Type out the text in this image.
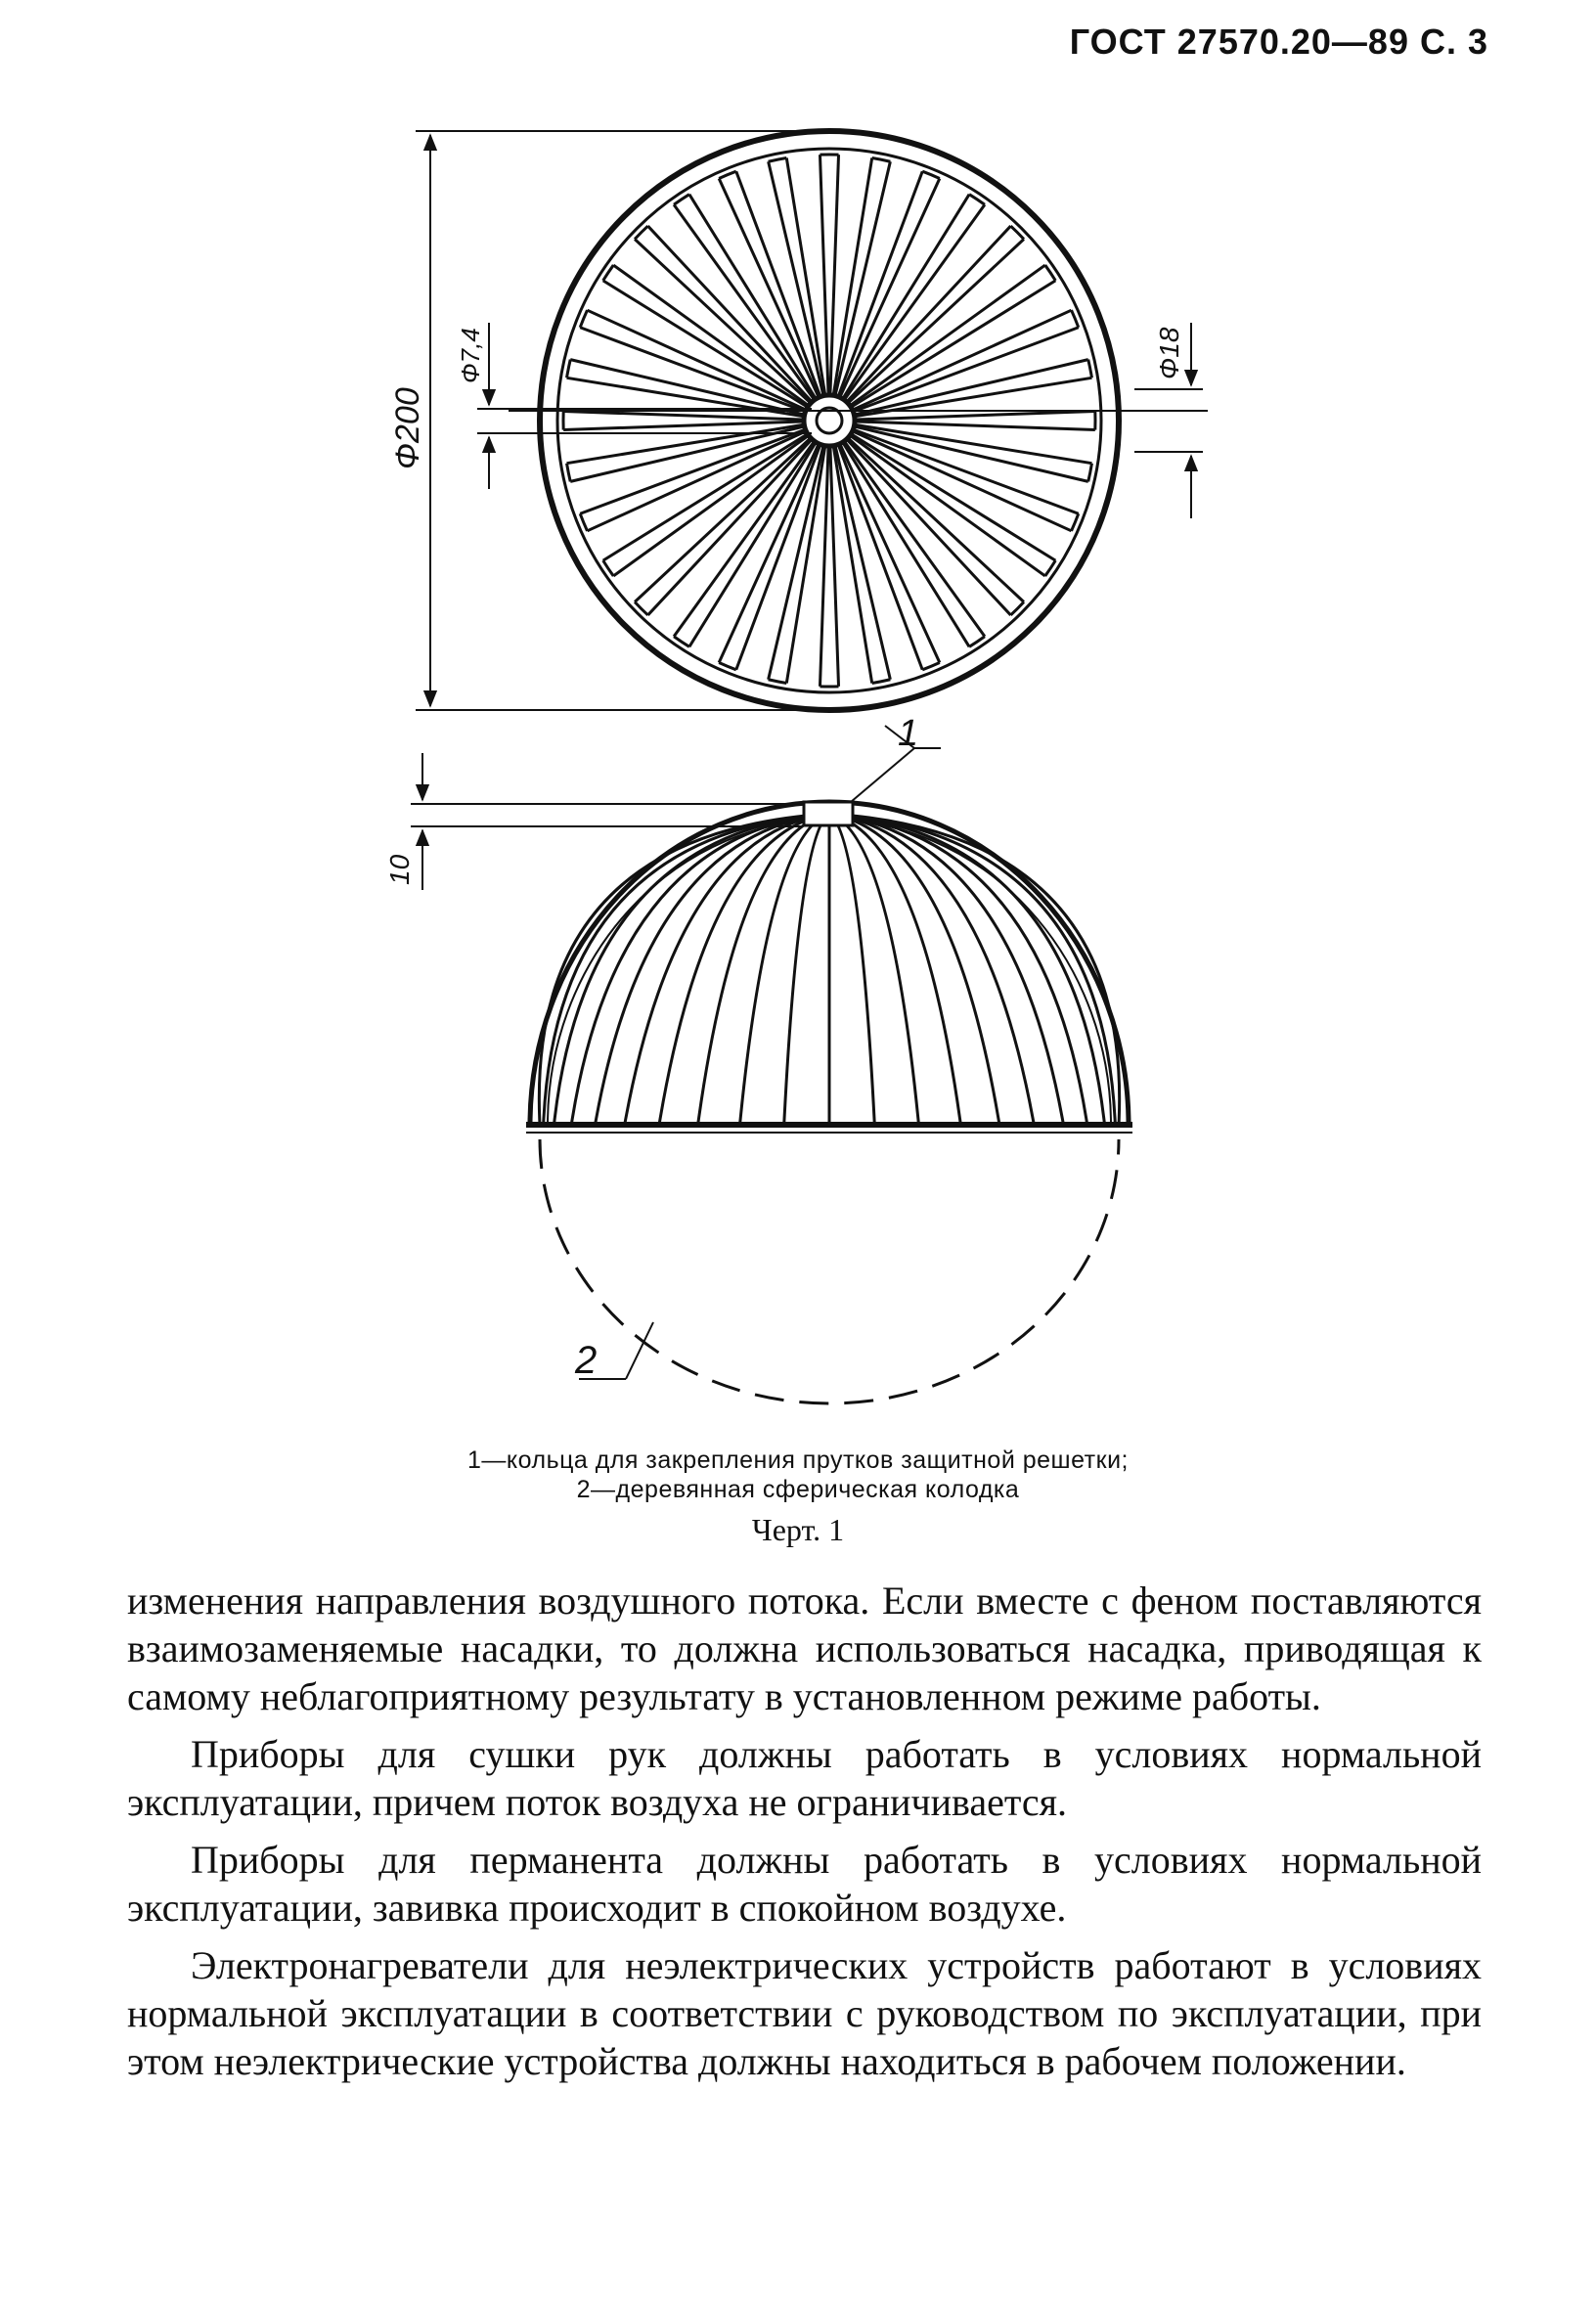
ГОСТ 27570.20—89 С. 3
Ф200
Ф7,4	Ф18
1
10
2
1—кольца для закрепления прутков защитной решетки;
2—деревянная сферическая колодка
Черт. 1

изменения направления воздушного потока. Если вместе с феном поставляются взаимозаменяемые насадки, то должна использоваться насадка, приводящая к самому неблагоприятному результату в установленном режиме работы.

Приборы для сушки рук должны работать в условиях нормальной эксплуатации, причем поток воздуха не ограничивается.

Приборы для перманента должны работать в условиях нормальной эксплуатации, завивка происходит в спокойном воздухе.

Электронагреватели для неэлектрических устройств работают в условиях нормальной эксплуатации в соответствии с руководством по эксплуатации, при этом неэлектрические устройства должны находиться в рабочем положении.
